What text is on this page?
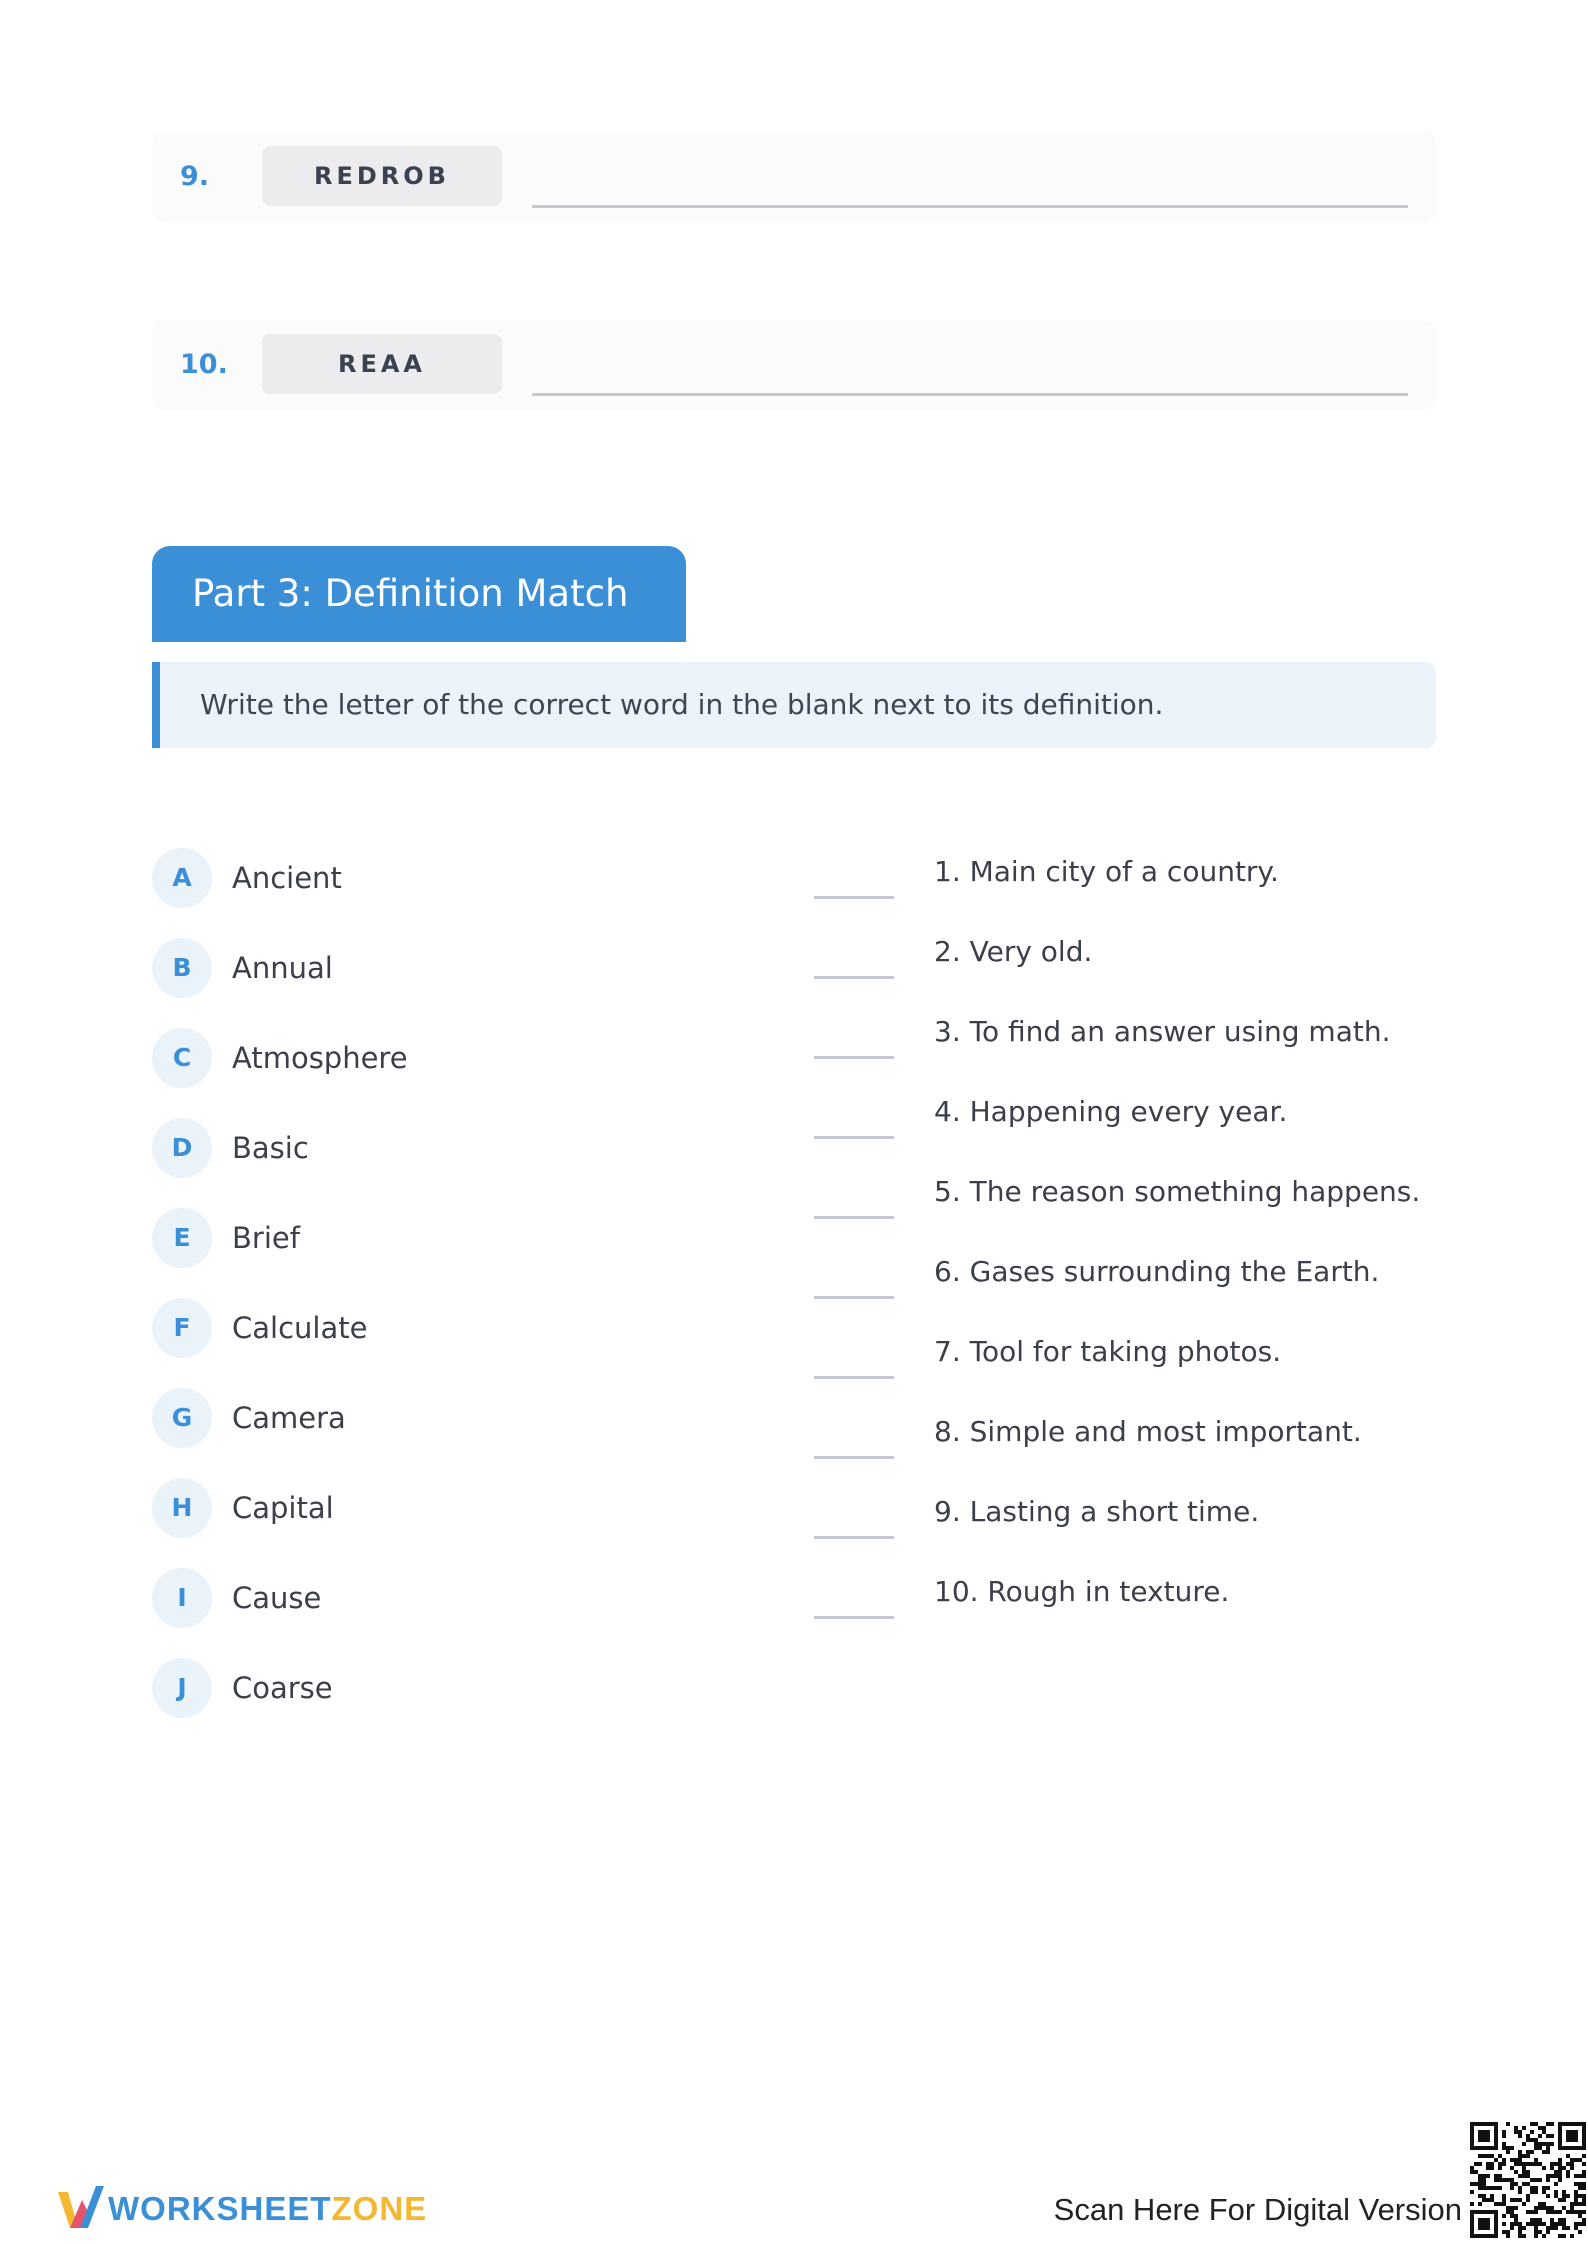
9.	REDROB
10.	REAA
Part 3: Definition Match
Write the letter of the correct word in the blank next to its definition.
A	Ancient
B	Annual
C	Atmosphere
D	Basic
E	Brief
F	Calculate
G	Camera
H	Capital
I	Cause
J	Coarse
1. Main city of a country.
2. Very old.
3. To find an answer using math.
4. Happening every year.
5. The reason something happens.
6. Gases surrounding the Earth.
7. Tool for taking photos.
8. Simple and most important.
9. Lasting a short time.
10. Rough in texture.
WORKSHEETZONE	Scan Here For Digital Version
